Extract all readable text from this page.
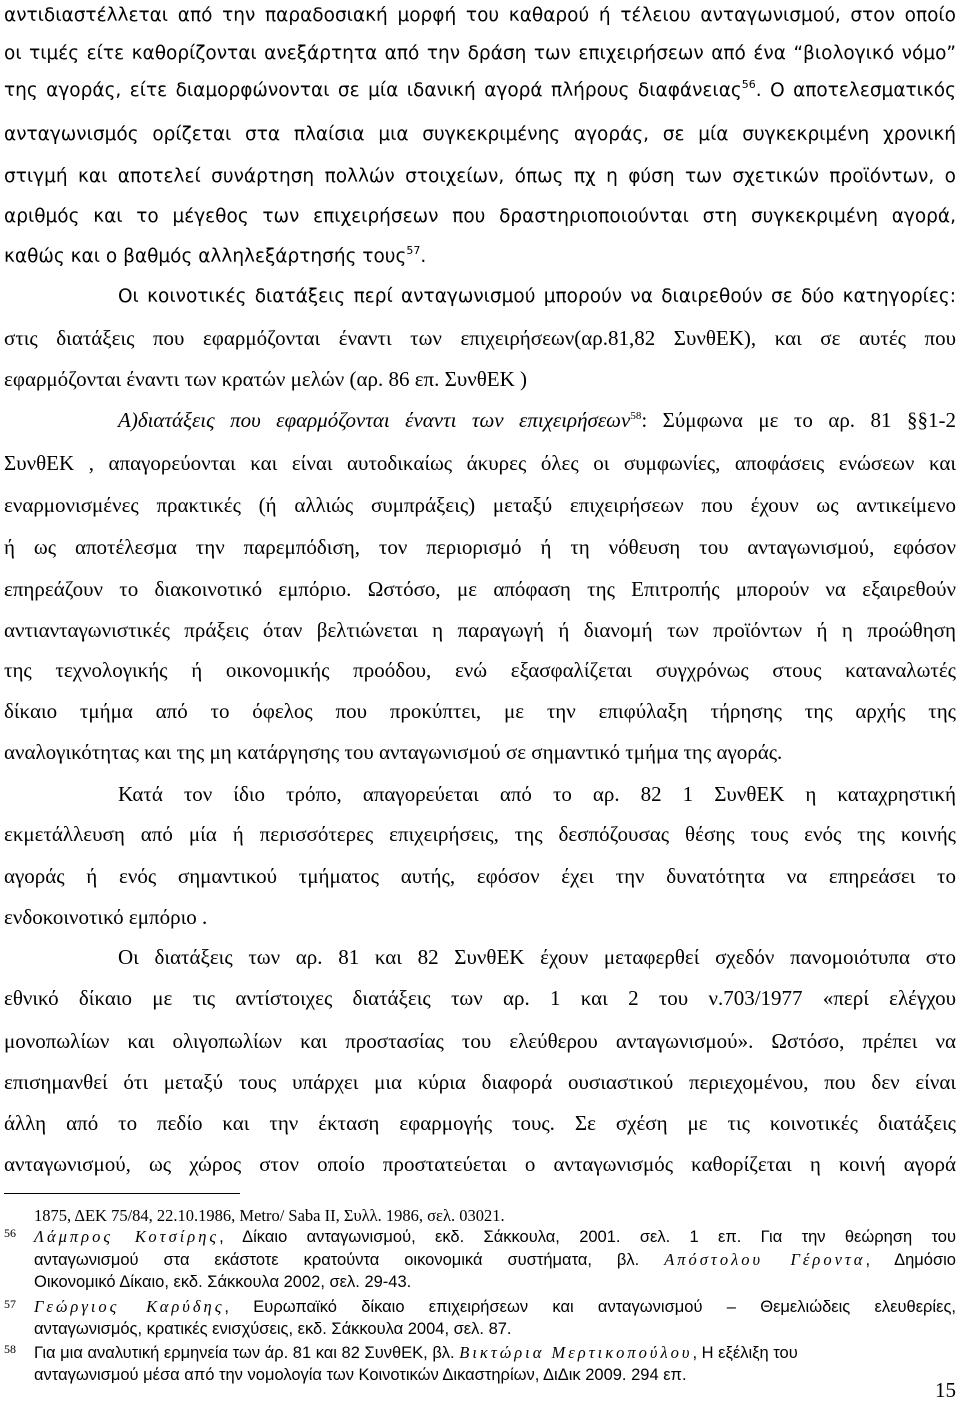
αντιδιαστέλλεται από την παραδοσιακή μορφή του καθαρού ή τέλειου ανταγωνισμού, στον οποίο
οι τιμές είτε καθορίζονται ανεξάρτητα από την δράση των επιχειρήσεων από ένα “βιολογικό νόμο”
της αγοράς, είτε διαμορφώνονται σε μία ιδανική αγορά πλήρους διαφάνειας$^{56}$. Ο αποτελεσματικός
ανταγωνισμός ορίζεται στα πλαίσια μια συγκεκριμένης αγοράς, σε μία συγκεκριμένη χρονική
στιγμή και αποτελεί συνάρτηση πολλών στοιχείων, όπως πχ η φύση των σχετικών προϊόντων, ο
αριθμός και το μέγεθος των επιχειρήσεων που δραστηριοποιούνται στη συγκεκριμένη αγορά,
καθώς και ο βαθμός αλληλεξάρτησής τους$^{57}$.
Οι κοινοτικές διατάξεις περί ανταγωνισμού μπορούν να διαιρεθούν σε δύο κατηγορίες:
στις διατάξεις που εφαρμόζονται έναντι των επιχειρήσεων(αρ.81,82 ΣυνθΕΚ), και σε αυτές που
εφαρμόζονται έναντι των κρατών μελών (αρ. 86 επ. ΣυνθΕΚ )
Α)διατάξεις που εφαρμόζονται έναντι των επιχειρήσεων$^{58}$: Σύμφωνα με το αρ. 81 §§1-2
ΣυνθΕΚ , απαγορεύονται και είναι αυτοδικαίως άκυρες όλες οι συμφωνίες, αποφάσεις ενώσεων και
εναρμονισμένες πρακτικές (ή αλλιώς συμπράξεις) μεταξύ επιχειρήσεων που έχουν ως αντικείμενο
ή ως αποτέλεσμα την παρεμπόδιση, τον περιορισμό ή τη νόθευση του ανταγωνισμού, εφόσον
επηρεάζουν το διακοινοτικό εμπόριο. Ωστόσο, με απόφαση της Επιτροπής μπορούν να εξαιρεθούν
αντιανταγωνιστικές πράξεις όταν βελτιώνεται η παραγωγή ή διανομή των προϊόντων ή η προώθηση
της τεχνολογικής ή οικονομικής προόδου, ενώ εξασφαλίζεται συγχρόνως στους καταναλωτές
δίκαιο τμήμα από το όφελος που προκύπτει, με την επιφύλαξη τήρησης της αρχής της
αναλογικότητας και της μη κατάργησης του ανταγωνισμού σε σημαντικό τμήμα της αγοράς.
Κατά τον ίδιο τρόπο, απαγορεύεται από το αρ. 82 1 ΣυνθΕΚ η καταχρηστική
εκμετάλλευση από μία ή περισσότερες επιχειρήσεις, της δεσπόζουσας θέσης τους ενός της κοινής
αγοράς ή ενός σημαντικού τμήματος αυτής, εφόσον έχει την δυνατότητα να επηρεάσει το
ενδοκοινοτικό εμπόριο .
Οι διατάξεις των αρ. 81 και 82 ΣυνθΕΚ έχουν μεταφερθεί σχεδόν πανομοιότυπα στο
εθνικό δίκαιο με τις αντίστοιχες διατάξεις των αρ. 1 και 2 του ν.703/1977 «περί ελέγχου
μονοπωλίων και ολιγοπωλίων και προστασίας του ελεύθερου ανταγωνισμού». Ωστόσο, πρέπει να
επισημανθεί ότι μεταξύ τους υπάρχει μια κύρια διαφορά ουσιαστικού περιεχομένου, που δεν είναι
άλλη από το πεδίο και την έκταση εφαρμογής τους. Σε σχέση με τις κοινοτικές διατάξεις
ανταγωνισμού, ως χώρος στον οποίο προστατεύεται ο ανταγωνισμός καθορίζεται η κοινή αγορά
1875, ΔΕΚ 75/84, 22.10.1986, Metro/ Saba II, Συλλ. 1986, σελ. 03021.
56 Λάμπρος Κοτσίρης, Δίκαιο ανταγωνισμού, εκδ. Σάκκουλα, 2001. σελ. 1 επ. Για την θεώρηση του
ανταγωνισμού στα εκάστοτε κρατούντα οικονομικά συστήματα, βλ. Απόστολου Γέροντα, Δημόσιο
Οικονομικό Δίκαιο, εκδ. Σάκκουλα 2002, σελ. 29-43.
57 Γεώργιος Καρύδης, Ευρωπαϊκό δίκαιο επιχειρήσεων και ανταγωνισμού – Θεμελιώδεις ελευθερίες,
ανταγωνισμός, κρατικές ενισχύσεις, εκδ. Σάκκουλα 2004, σελ. 87.
58 Για μια αναλυτική ερμηνεία των άρ. 81 και 82 ΣυνθΕΚ, βλ. Βικτώρια Μερτικοπούλου, Η εξέλιξη του
ανταγωνισμού μέσα από την νομολογία των Κοινοτικών Δικαστηρίων, ΔιΔικ 2009. 294 επ.
15
